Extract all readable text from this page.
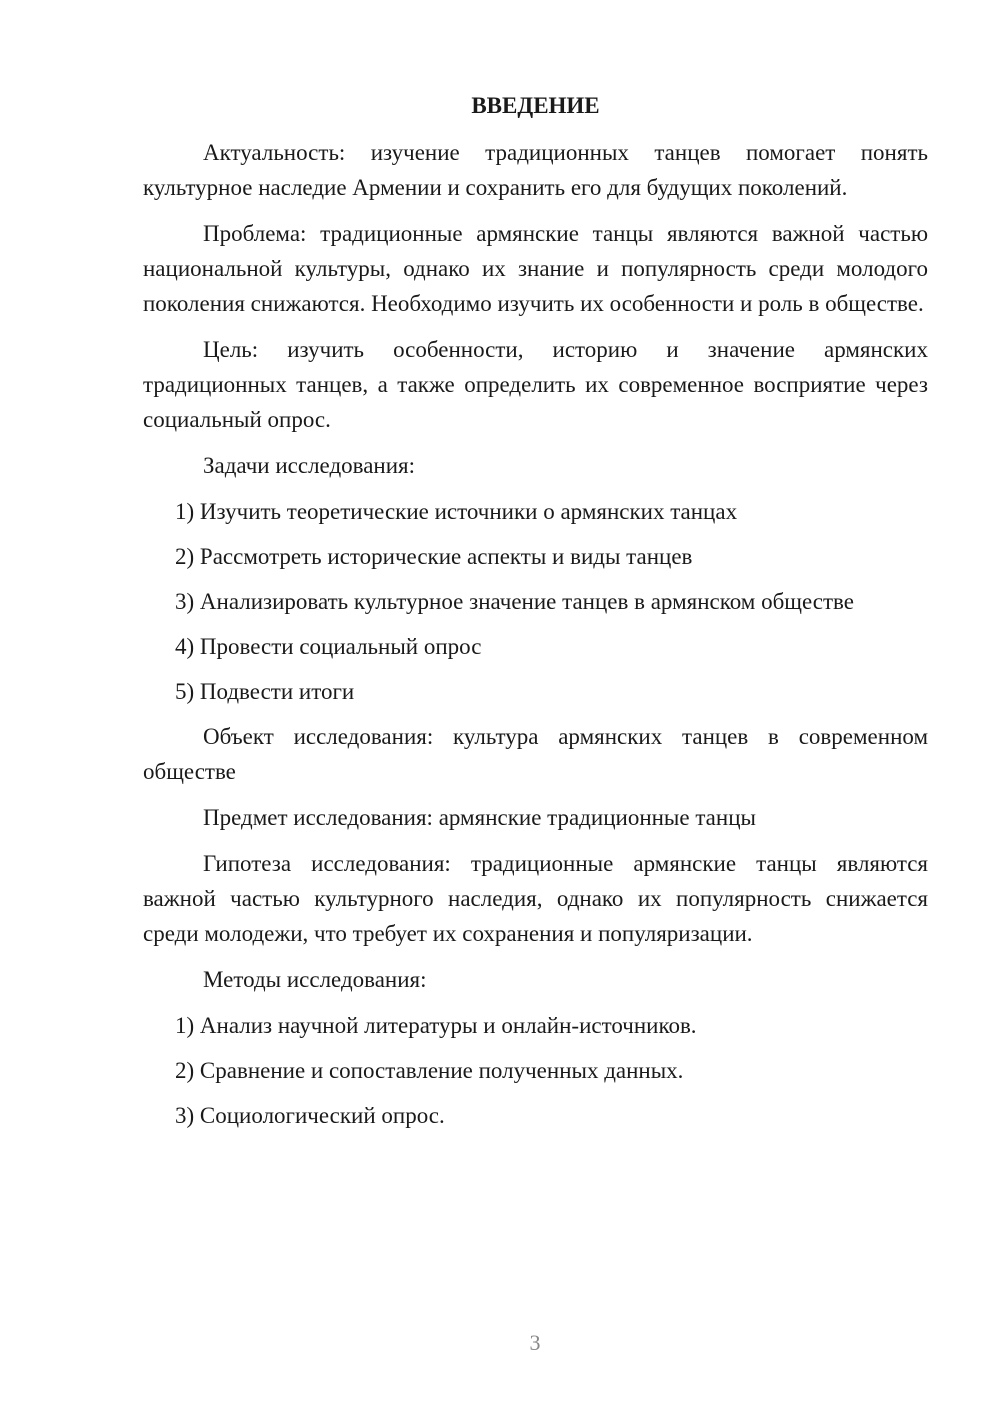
ВВЕДЕНИЕ

Актуальность: изучение традиционных танцев помогает понять культурное наследие Армении и сохранить его для будущих поколений.

Проблема: традиционные армянские танцы являются важной частью национальной культуры, однако их знание и популярность среди молодого поколения снижаются. Необходимо изучить их особенности и роль в обществе.

Цель: изучить особенности, историю и значение армянских традиционных танцев, а также определить их современное восприятие через социальный опрос.

Задачи исследования:
1) Изучить теоретические источники о армянских танцах
2) Рассмотреть исторические аспекты и виды танцев
3) Анализировать культурное значение танцев в армянском обществе
4) Провести социальный опрос
5) Подвести итоги

Объект исследования: культура армянских танцев в современном обществе

Предмет исследования: армянские традиционные танцы

Гипотеза исследования: традиционные армянские танцы являются важной частью культурного наследия, однако их популярность снижается среди молодежи, что требует их сохранения и популяризации.

Методы исследования:
1) Анализ научной литературы и онлайн-источников.
2) Сравнение и сопоставление полученных данных.
3) Социологический опрос.
3
